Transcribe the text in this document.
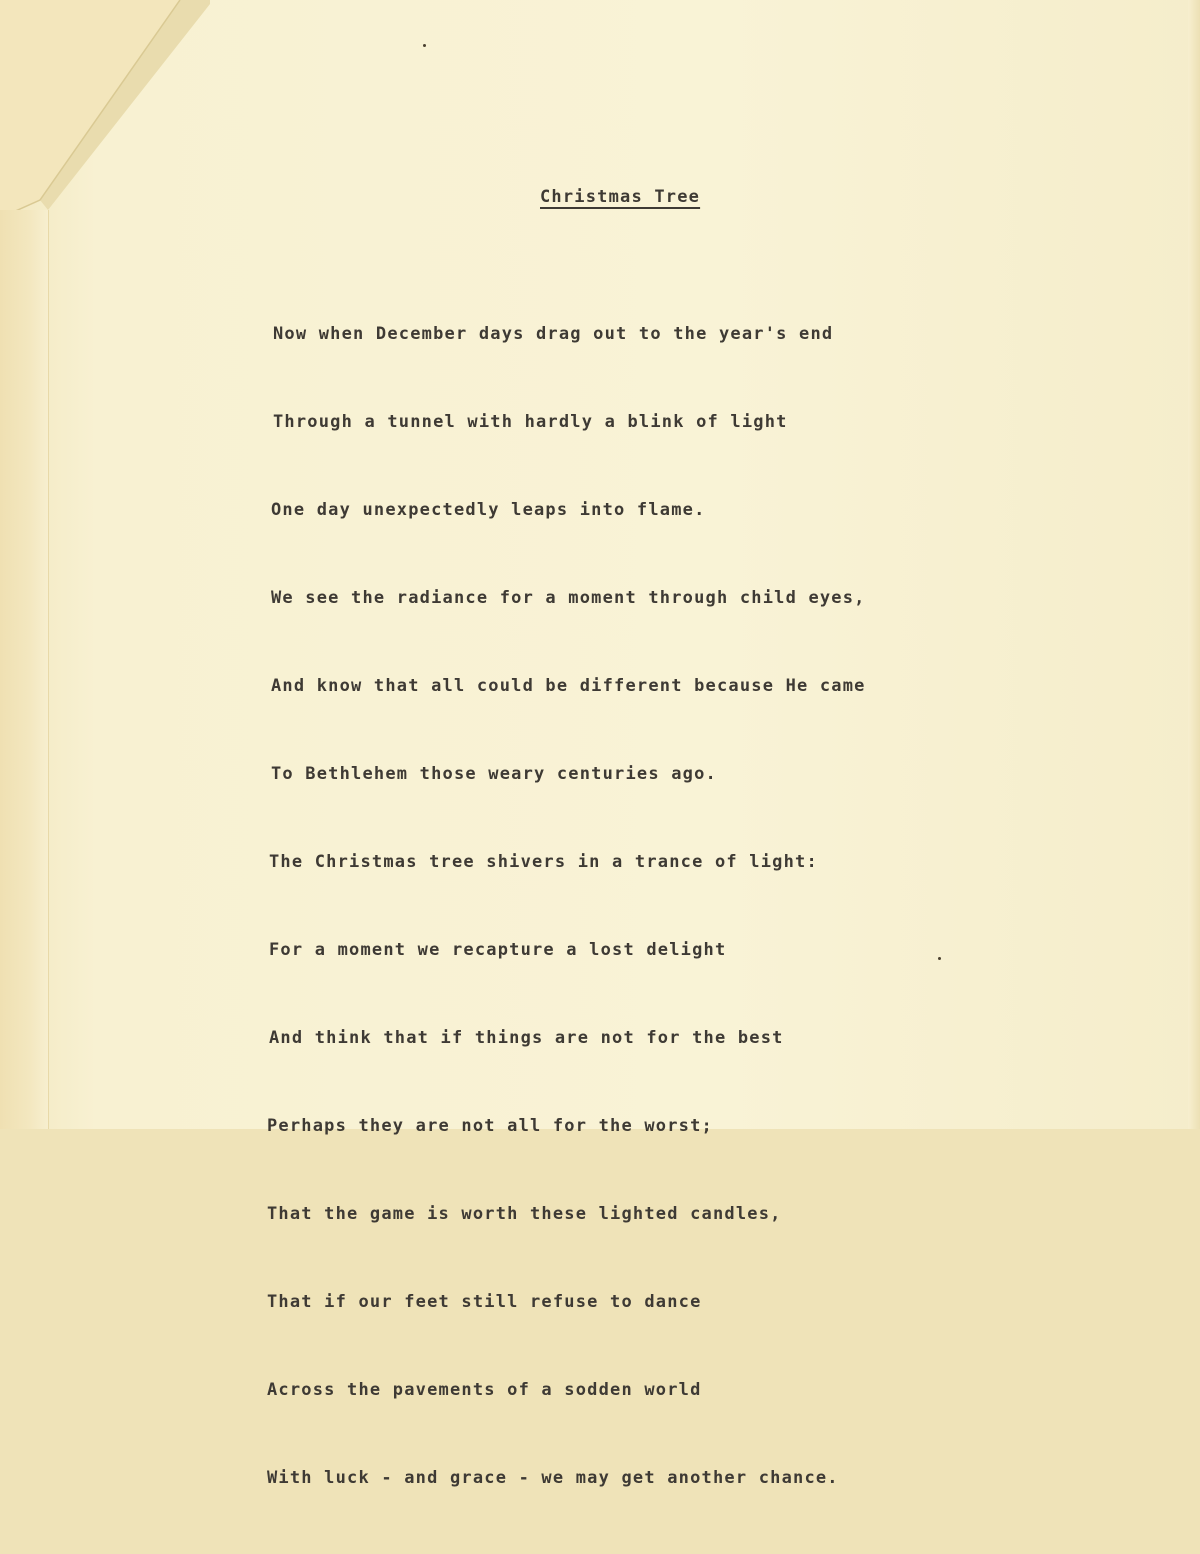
Christmas Tree

Now when December days drag out to the year's end

Through a tunnel with hardly a blink of light

One day unexpectedly leaps into flame.

We see the radiance for a moment through child eyes,

And know that all could be different because He came

To Bethlehem those weary centuries ago.

The Christmas tree shivers in a trance of light:

For a moment we recapture a lost delight

And think that if things are not for the best

Perhaps they are not all for the worst;

That the game is worth these lighted candles,

That if our feet still refuse to dance

Across the pavements of a sodden world

With luck - and grace - we may get another chance.
